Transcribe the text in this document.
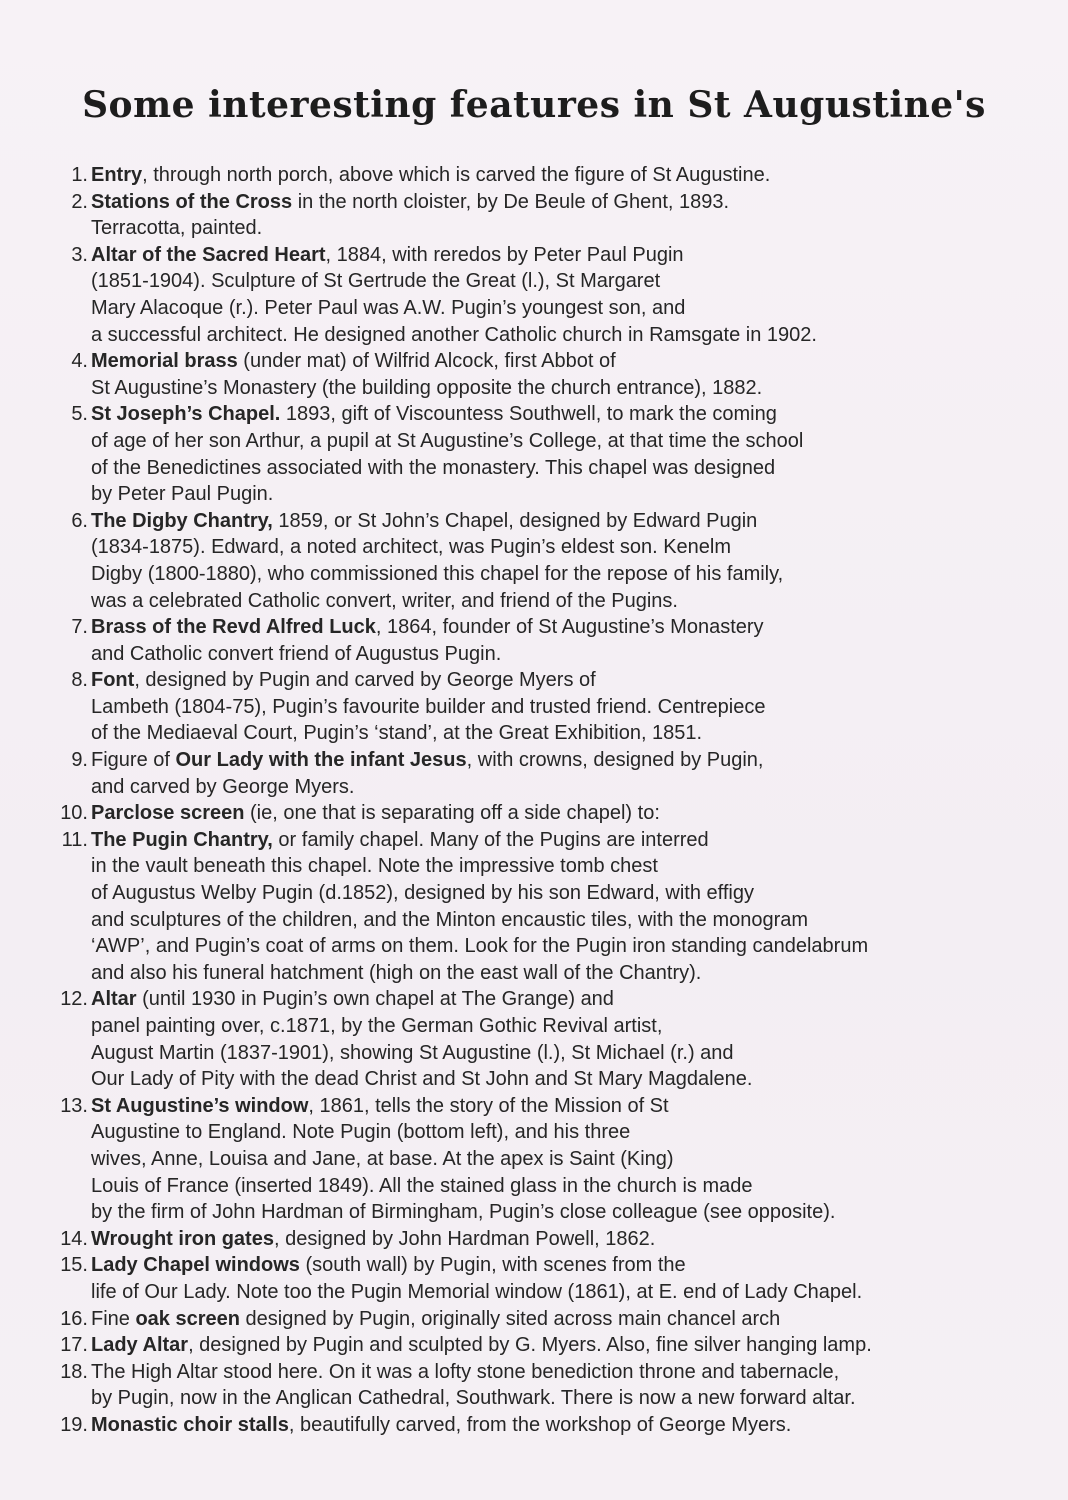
Some interesting features in St Augustine's
1. Entry, through north porch, above which is carved the figure of St Augustine.
2. Stations of the Cross in the north cloister, by De Beule of Ghent, 1893.
Terracotta, painted.
3. Altar of the Sacred Heart, 1884, with reredos by Peter Paul Pugin
(1851-1904). Sculpture of St Gertrude the Great (l.), St Margaret
Mary Alacoque (r.). Peter Paul was A.W. Pugin’s youngest son, and
a successful architect. He designed another Catholic church in Ramsgate in 1902.
4. Memorial brass (under mat) of Wilfrid Alcock, first Abbot of
St Augustine’s Monastery (the building opposite the church entrance), 1882.
5. St Joseph’s Chapel. 1893, gift of Viscountess Southwell, to mark the coming
of age of her son Arthur, a pupil at St Augustine’s College, at that time the school
of the Benedictines associated with the monastery. This chapel was designed
by Peter Paul Pugin.
6. The Digby Chantry, 1859, or St John’s Chapel, designed by Edward Pugin
(1834-1875). Edward, a noted architect, was Pugin’s eldest son. Kenelm
Digby (1800-1880), who commissioned this chapel for the repose of his family,
was a celebrated Catholic convert, writer, and friend of the Pugins.
7. Brass of the Revd Alfred Luck, 1864, founder of St Augustine’s Monastery
and Catholic convert friend of Augustus Pugin.
8. Font, designed by Pugin and carved by George Myers of
Lambeth (1804-75), Pugin’s favourite builder and trusted friend. Centrepiece
of the Mediaeval Court, Pugin’s ‘stand’, at the Great Exhibition, 1851.
9. Figure of Our Lady with the infant Jesus, with crowns, designed by Pugin,
and carved by George Myers.
10. Parclose screen (ie, one that is separating off a side chapel) to:
11. The Pugin Chantry, or family chapel. Many of the Pugins are interred
in the vault beneath this chapel. Note the impressive tomb chest
of Augustus Welby Pugin (d.1852), designed by his son Edward, with effigy
and sculptures of the children, and the Minton encaustic tiles, with the monogram
‘AWP’, and Pugin’s coat of arms on them. Look for the Pugin iron standing candelabrum
and also his funeral hatchment (high on the east wall of the Chantry).
12. Altar (until 1930 in Pugin’s own chapel at The Grange) and
panel painting over, c.1871, by the German Gothic Revival artist,
August Martin (1837-1901), showing St Augustine (l.), St Michael (r.) and
Our Lady of Pity with the dead Christ and St John and St Mary Magdalene.
13. St Augustine’s window, 1861, tells the story of the Mission of St
Augustine to England. Note Pugin (bottom left), and his three
wives, Anne, Louisa and Jane, at base. At the apex is Saint (King)
Louis of France (inserted 1849). All the stained glass in the church is made
by the firm of John Hardman of Birmingham, Pugin’s close colleague (see opposite).
14. Wrought iron gates, designed by John Hardman Powell, 1862.
15. Lady Chapel windows (south wall) by Pugin, with scenes from the
life of Our Lady. Note too the Pugin Memorial window (1861), at E. end of Lady Chapel.
16. Fine oak screen designed by Pugin, originally sited across main chancel arch
17. Lady Altar, designed by Pugin and sculpted by G. Myers. Also, fine silver hanging lamp.
18. The High Altar stood here. On it was a lofty stone benediction throne and tabernacle,
by Pugin, now in the Anglican Cathedral, Southwark. There is now a new forward altar.
19. Monastic choir stalls, beautifully carved, from the workshop of George Myers.
